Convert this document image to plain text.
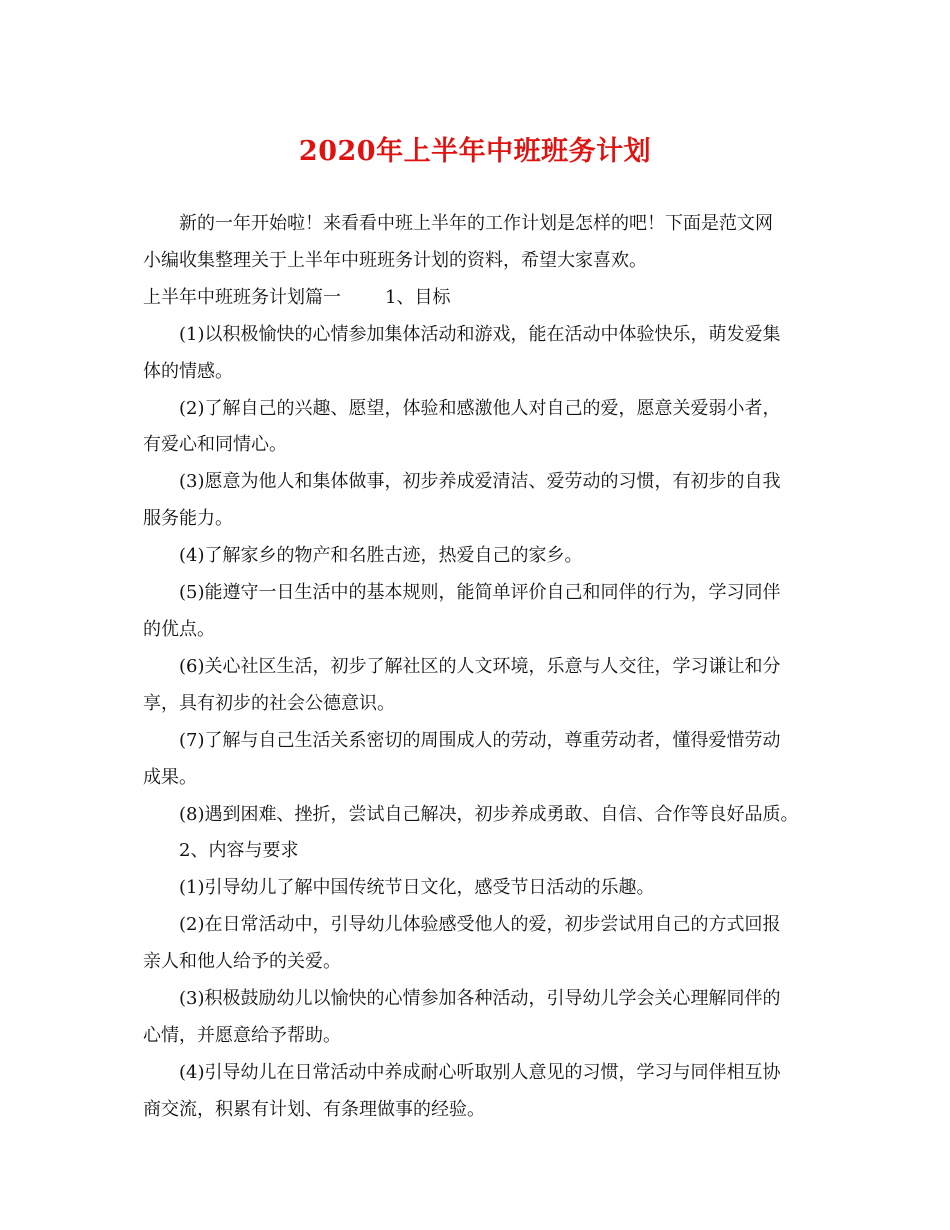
2020年上半年中班班务计划

新的一年开始啦！来看看中班上半年的工作计划是怎样的吧！下面是范文网

小编收集整理关于上半年中班班务计划的资料，希望大家喜欢。

上半年中班班务计划篇一 1、目标

(1)以积极愉快的心情参加集体活动和游戏，能在活动中体验快乐，萌发爱集

体的情感。

(2)了解自己的兴趣、愿望，体验和感激他人对自己的爱，愿意关爱弱小者，

有爱心和同情心。

(3)愿意为他人和集体做事，初步养成爱清洁、爱劳动的习惯，有初步的自我

服务能力。

(4)了解家乡的物产和名胜古迹，热爱自己的家乡。

(5)能遵守一日生活中的基本规则，能简单评价自己和同伴的行为，学习同伴

的优点。

(6)关心社区生活，初步了解社区的人文环境，乐意与人交往，学习谦让和分

享，具有初步的社会公德意识。

(7)了解与自己生活关系密切的周围成人的劳动，尊重劳动者，懂得爱惜劳动

成果。

(8)遇到困难、挫折，尝试自己解决，初步养成勇敢、自信、合作等良好品质。

2、内容与要求

(1)引导幼儿了解中国传统节日文化，感受节日活动的乐趣。

(2)在日常活动中，引导幼儿体验感受他人的爱，初步尝试用自己的方式回报

亲人和他人给予的关爱。

(3)积极鼓励幼儿以愉快的心情参加各种活动，引导幼儿学会关心理解同伴的

心情，并愿意给予帮助。

(4)引导幼儿在日常活动中养成耐心听取别人意见的习惯，学习与同伴相互协

商交流，积累有计划、有条理做事的经验。
